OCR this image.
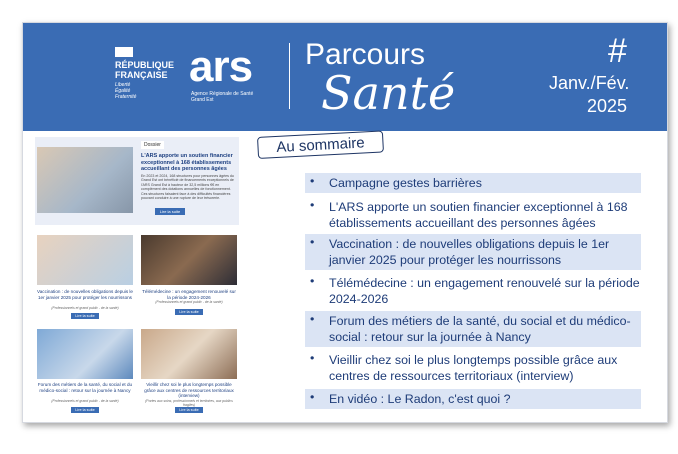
RÉPUBLIQUE
FRANÇAISE
Liberté
Égalité
Fraternité
ars
Agence Régionale de Santé
Grand Est
Parcours
Santé
#
Janv./Fév.
2025
Dossier
L'ARS apporte un soutien financier exceptionnel à 168 établissements accueillant des personnes âgées
En 2023 et 2024, 168 structures pour personnes âgées du Grand Est ont bénéficié de financements exceptionnels de l'ARS Grand Est à hauteur de 32,5 millions €€ en complément des dotations annuelles de fonctionnement. Ces structures faisaient face à des difficultés financières pouvant conduire à une rupture de leur trésorerie.
Lire la suite
Vaccination : de nouvelles obligations depuis le 1er janvier 2025 pour protéger les nourrissons
(Professionnels et grand public - de la santé)
Lire la suite
Télémédecine : un engagement renouvelé sur la période 2024-2026
(Professionnels et grand public - de la santé)
Lire la suite
Forum des métiers de la santé, du social et du médico-social : retour sur la journée à Nancy
(Professionnels et grand public - de la santé)
Lire la suite
Vieillir chez soi le plus longtemps possible grâce aux centres de ressources territoriaux (interview)
(Portes aux soins, professionnels et territoires, aux publics fragiles)
Lire la suite
Au sommaire
•	Campagne gestes barrières
•	L'ARS apporte un soutien financier exceptionnel à 168 établissements accueillant des personnes âgées
•	Vaccination : de nouvelles obligations depuis le 1er janvier 2025 pour protéger les nourrissons
•	Télémédecine : un engagement renouvelé sur la période 2024-2026
•	Forum des métiers de la santé, du social et du médico-social : retour sur la journée à Nancy
•	Vieillir chez soi le plus longtemps possible grâce aux centres de ressources territoriaux (interview)
•	En vidéo : Le Radon, c'est quoi ?
